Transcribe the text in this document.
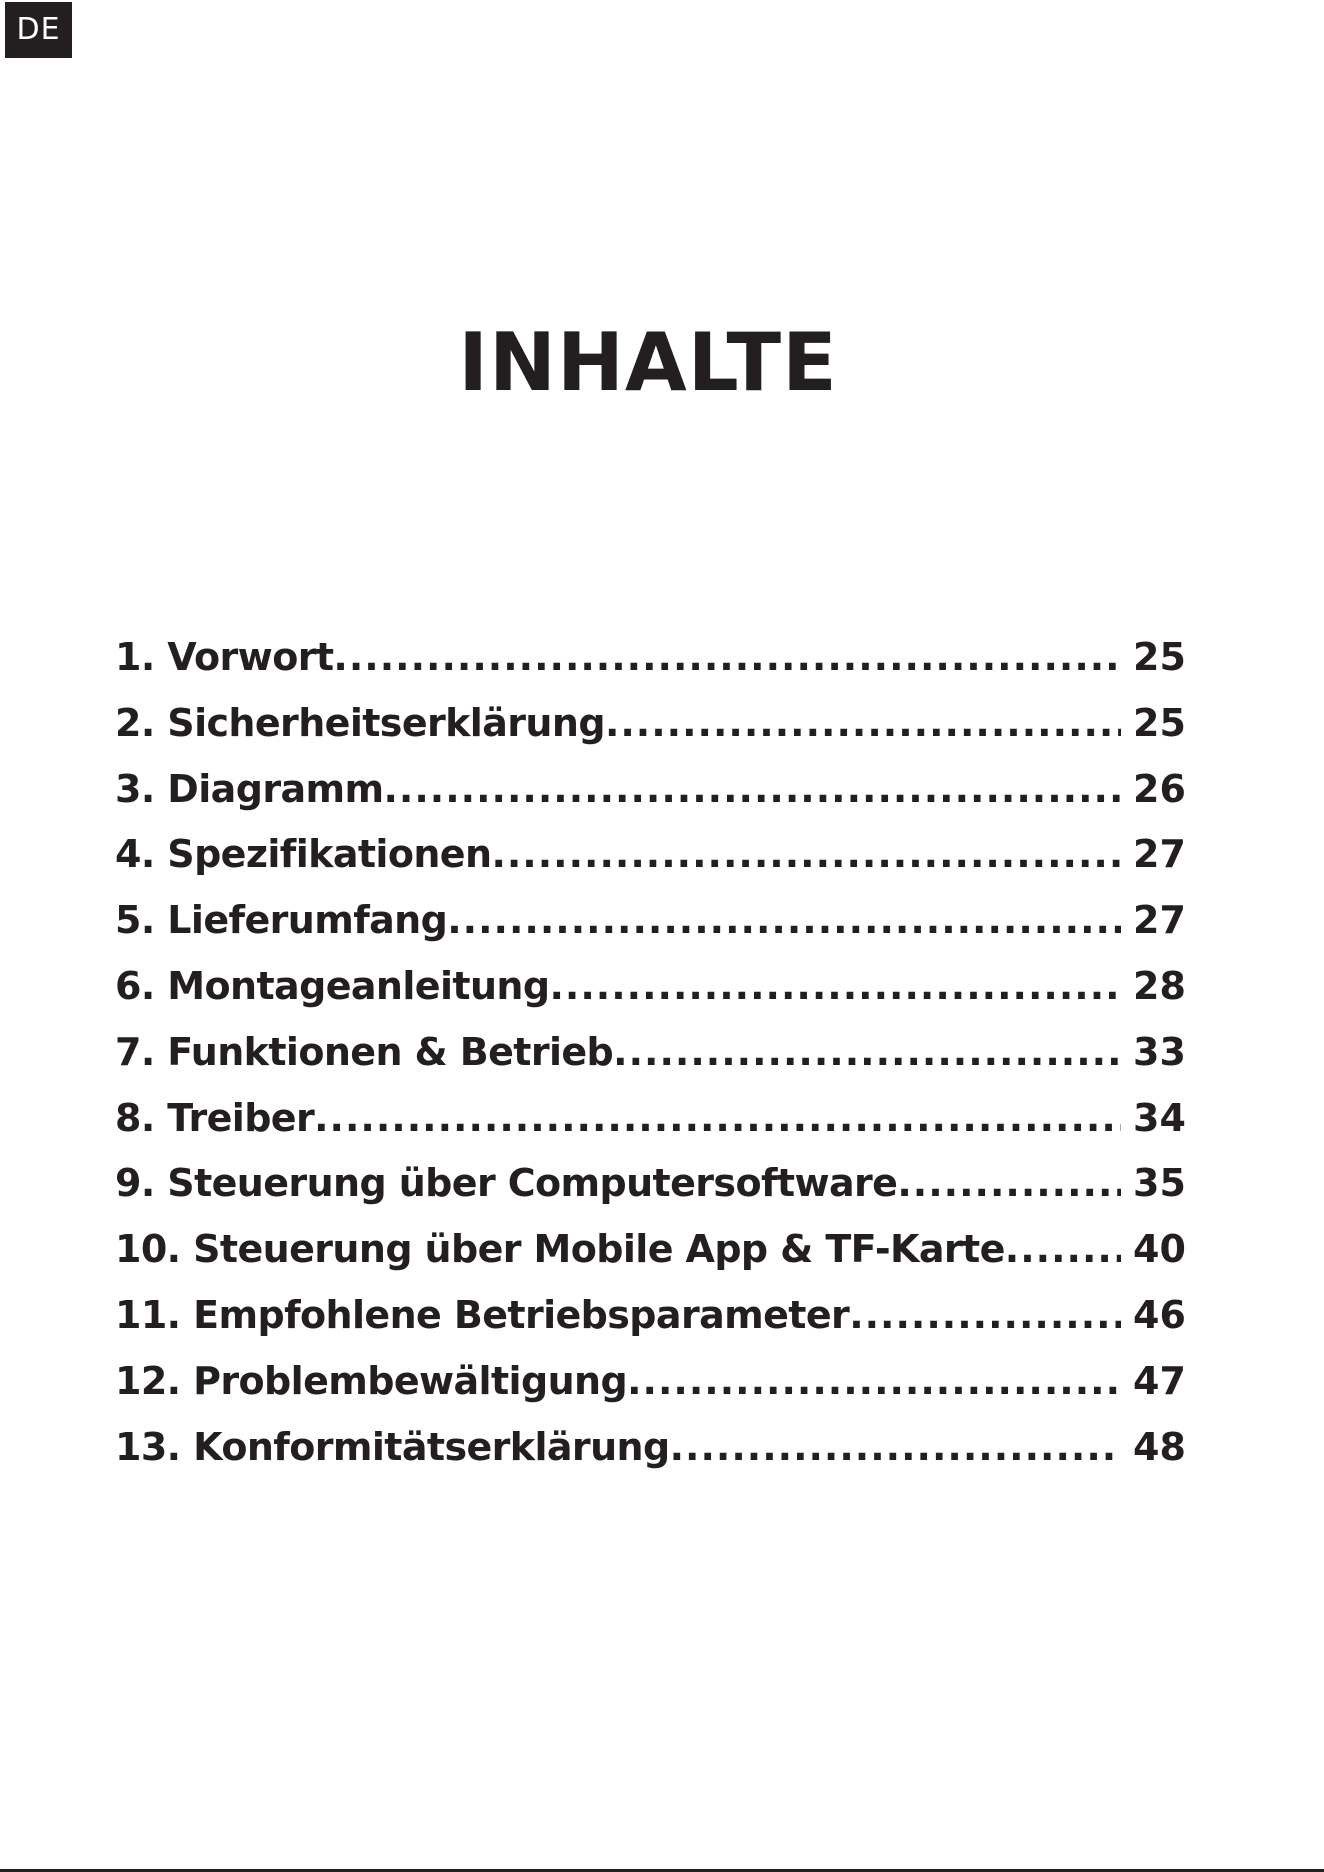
DE
INHALTE
1. Vorwort .....	25
2. Sicherheitserklärung .....	25
3. Diagramm .....	26
4. Spezifikationen .....	27
5. Lieferumfang .....	27
6. Montageanleitung .....	28
7. Funktionen & Betrieb .....	33
8. Treiber .....	34
9. Steuerung über Computersoftware .....	35
10. Steuerung über Mobile App & TF-Karte .....	40
11. Empfohlene Betriebsparameter .....	46
12. Problembewältigung .....	47
13. Konformitätserklärung .....	48
